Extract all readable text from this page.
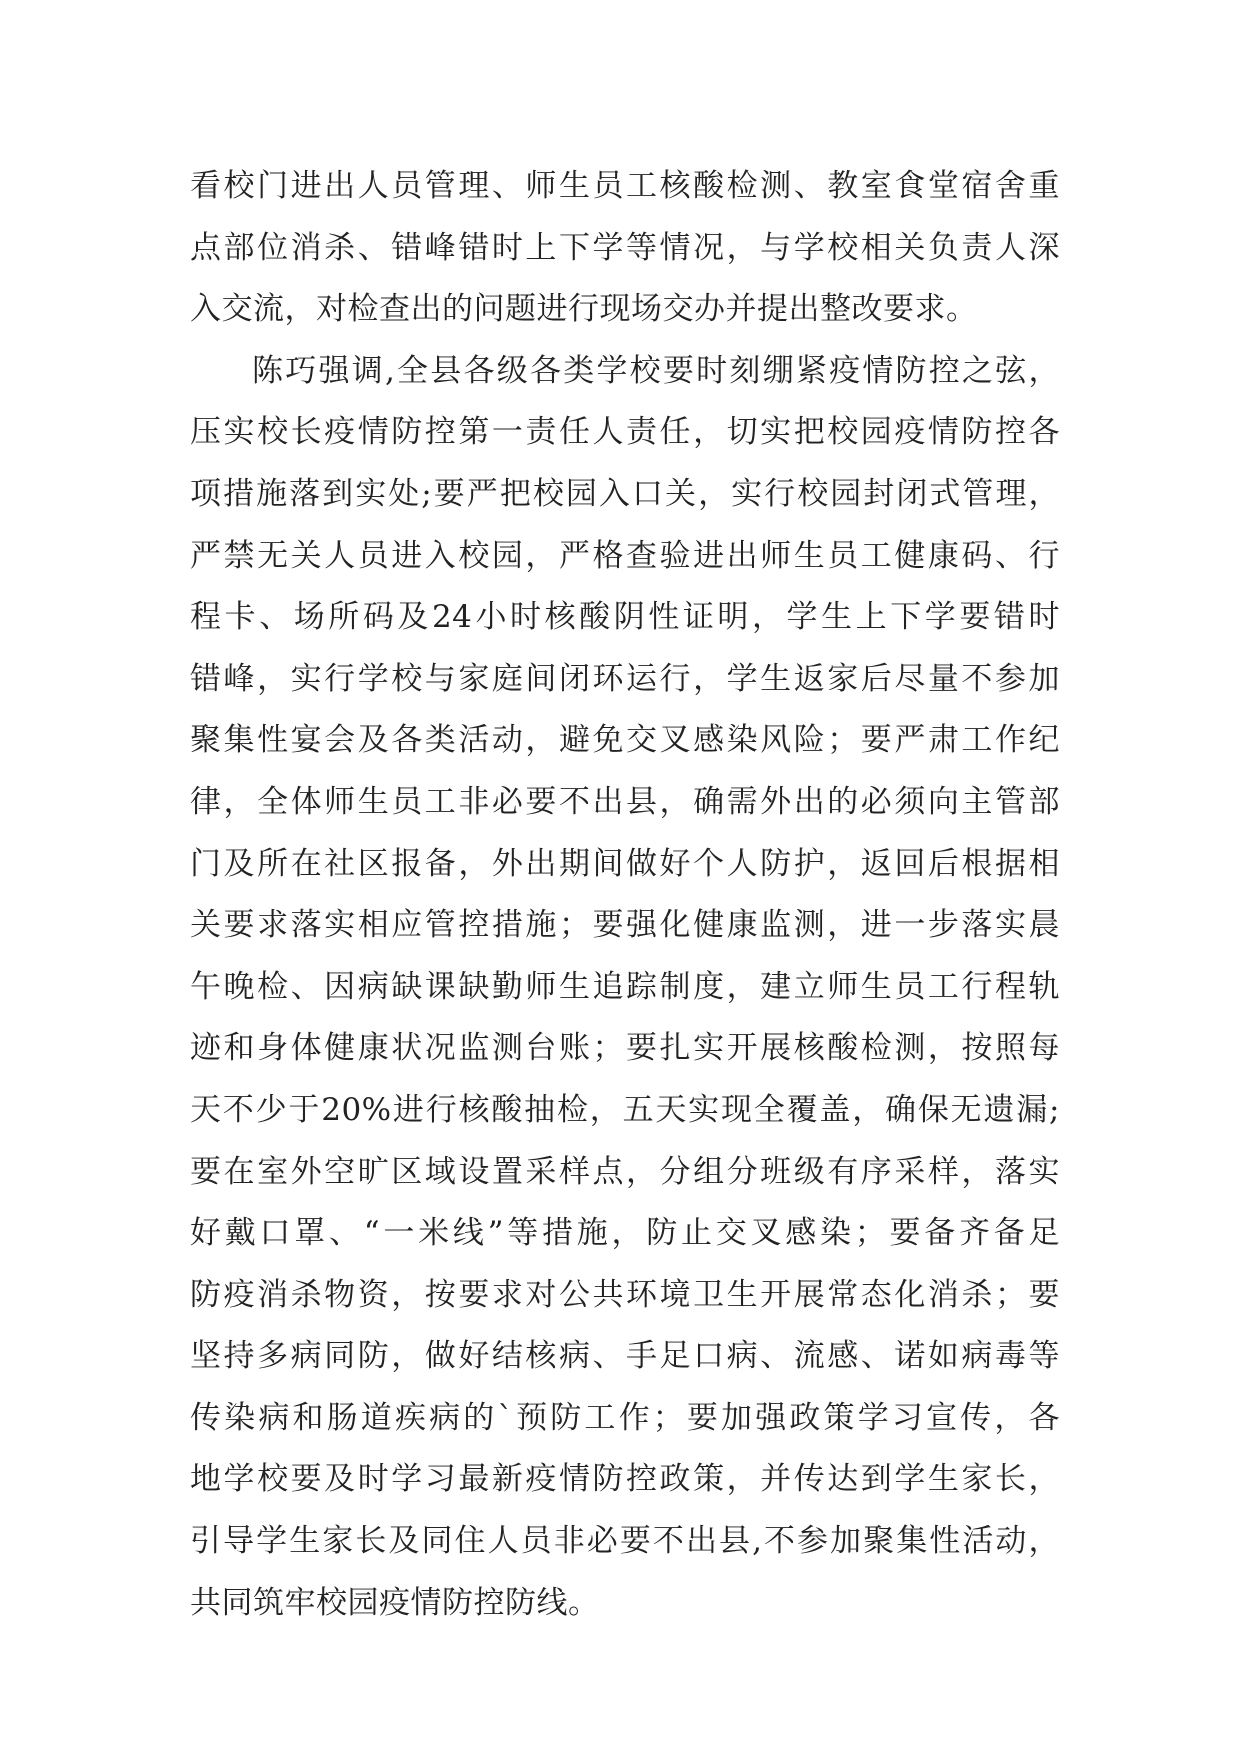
看校门进出人员管理、师生员工核酸检测、教室食堂宿舍重
点部位消杀、错峰错时上下学等情况，与学校相关负责人深
入交流，对检查出的问题进行现场交办并提出整改要求。
陈巧强调,全县各级各类学校要时刻绷紧疫情防控之弦，
压实校长疫情防控第一责任人责任，切实把校园疫情防控各
项措施落到实处;要严把校园入口关，实行校园封闭式管理，
严禁无关人员进入校园，严格查验进出师生员工健康码、行
程卡、场所码及24小时核酸阴性证明，学生上下学要错时
错峰，实行学校与家庭间闭环运行，学生返家后尽量不参加
聚集性宴会及各类活动，避免交叉感染风险；要严肃工作纪
律，全体师生员工非必要不出县，确需外出的必须向主管部
门及所在社区报备，外出期间做好个人防护，返回后根据相
关要求落实相应管控措施；要强化健康监测，进一步落实晨
午晚检、因病缺课缺勤师生追踪制度，建立师生员工行程轨
迹和身体健康状况监测台账；要扎实开展核酸检测，按照每
天不少于20%进行核酸抽检，五天实现全覆盖，确保无遗漏;
要在室外空旷区域设置采样点，分组分班级有序采样，落实
好戴口罩、“一米线”等措施，防止交叉感染；要备齐备足
防疫消杀物资，按要求对公共环境卫生开展常态化消杀；要
坚持多病同防，做好结核病、手足口病、流感、诺如病毒等
传染病和肠道疾病的`预防工作；要加强政策学习宣传，各
地学校要及时学习最新疫情防控政策，并传达到学生家长，
引导学生家长及同住人员非必要不出县,不参加聚集性活动，
共同筑牢校园疫情防控防线。
